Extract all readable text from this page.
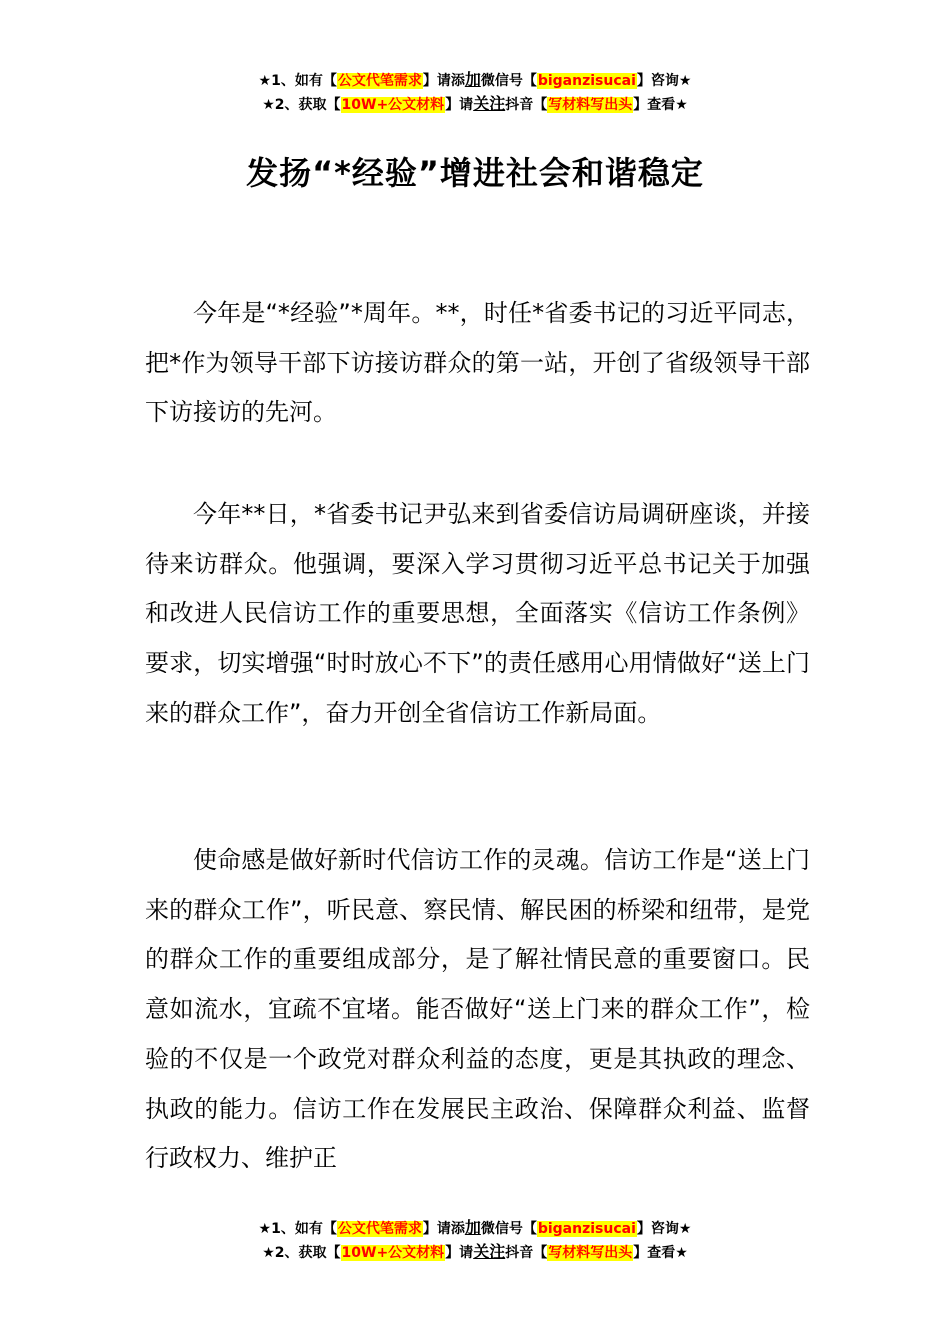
★1、如有【公文代笔需求】请添加微信号【biganzisucai】咨询★
★2、获取【10W+公文材料】请关注抖音【写材料写出头】查看★
发扬“*经验”增进社会和谐稳定

今年是“*经验”*周年。**，时任*省委书记的习近平同志，把*作为领导干部下访接访群众的第一站，开创了省级领导干部下访接访的先河。

今年**日，*省委书记尹弘来到省委信访局调研座谈，并接待来访群众。他强调，要深入学习贯彻习近平总书记关于加强和改进人民信访工作的重要思想，全面落实《信访工作条例》要求，切实增强“时时放心不下”的责任感用心用情做好“送上门来的群众工作”，奋力开创全省信访工作新局面。

使命感是做好新时代信访工作的灵魂。信访工作是“送上门来的群众工作”，听民意、察民情、解民困的桥梁和纽带，是党的群众工作的重要组成部分，是了解社情民意的重要窗口。民意如流水，宜疏不宜堵。能否做好“送上门来的群众工作”，检验的不仅是一个政党对群众利益的态度，更是其执政的理念、执政的能力。信访工作在发展民主政治、保障群众利益、监督行政权力、维护正

★1、如有【公文代笔需求】请添加微信号【biganzisucai】咨询★
★2、获取【10W+公文材料】请关注抖音【写材料写出头】查看★
